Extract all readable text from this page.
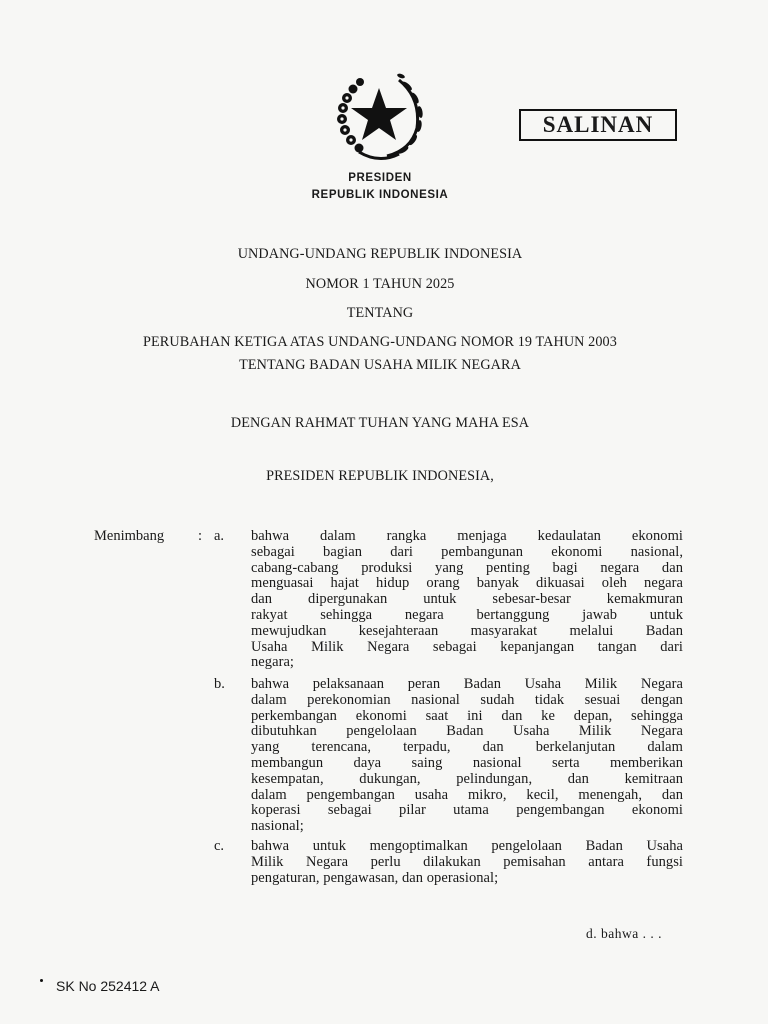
SALINAN
PRESIDEN
REPUBLIK INDONESIA
UNDANG-UNDANG REPUBLIK INDONESIA
NOMOR 1 TAHUN 2025
TENTANG
PERUBAHAN KETIGA ATAS UNDANG-UNDANG NOMOR 19 TAHUN 2003
TENTANG BADAN USAHA MILIK NEGARA
DENGAN RAHMAT TUHAN YANG MAHA ESA
PRESIDEN REPUBLIK INDONESIA,
Menimbang : a. bahwa dalam rangka menjaga kedaulatan ekonomi
sebagai bagian dari pembangunan ekonomi nasional,
cabang-cabang produksi yang penting bagi negara dan
menguasai hajat hidup orang banyak dikuasai oleh negara
dan dipergunakan untuk sebesar-besar kemakmuran
rakyat sehingga negara bertanggung jawab untuk
mewujudkan kesejahteraan masyarakat melalui Badan
Usaha Milik Negara sebagai kepanjangan tangan dari
negara;
b. bahwa pelaksanaan peran Badan Usaha Milik Negara
dalam perekonomian nasional sudah tidak sesuai dengan
perkembangan ekonomi saat ini dan ke depan, sehingga
dibutuhkan pengelolaan Badan Usaha Milik Negara
yang terencana, terpadu, dan berkelanjutan dalam
membangun daya saing nasional serta memberikan
kesempatan, dukungan, pelindungan, dan kemitraan
dalam pengembangan usaha mikro, kecil, menengah, dan
koperasi sebagai pilar utama pengembangan ekonomi
nasional;
c. bahwa untuk mengoptimalkan pengelolaan Badan Usaha
Milik Negara perlu dilakukan pemisahan antara fungsi
pengaturan, pengawasan, dan operasional;
d. bahwa . . .
SK No 252412 A
